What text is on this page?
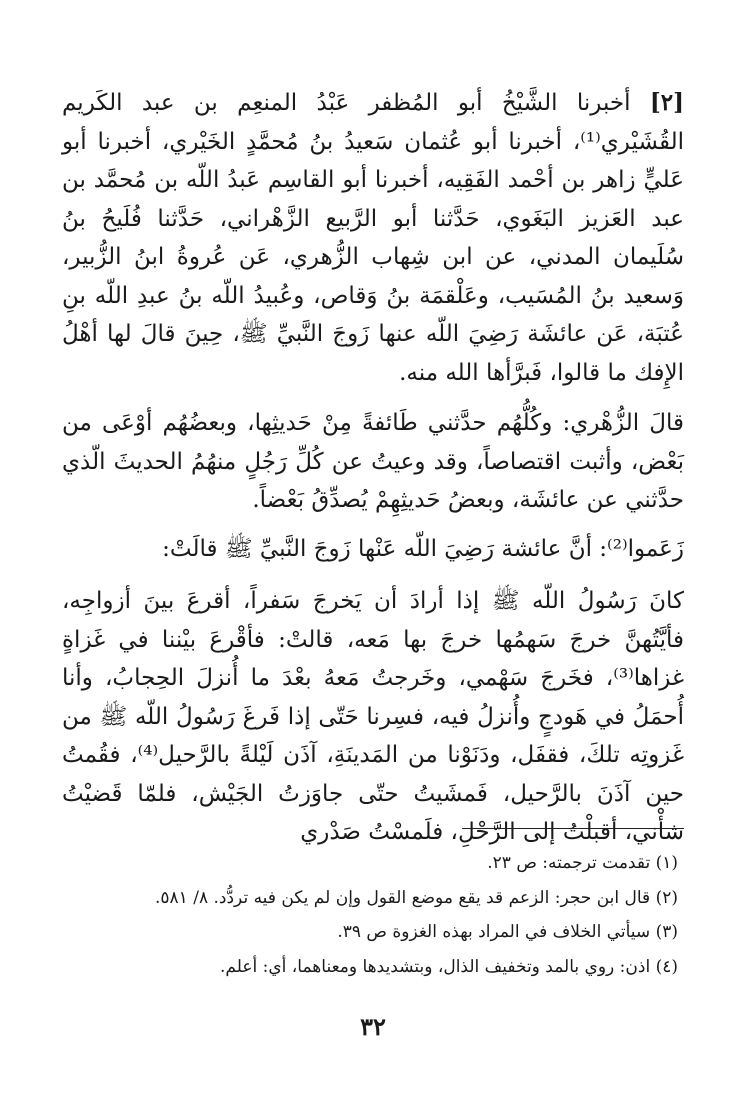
[٢] أخبرنا الشَّيْخُ أبو المُظفر عَبْدُ المنعِم بن عبد الكَريم القُشَيْري⁽¹⁾، أخبرنا أبو عُثمان سَعيدُ بنُ مُحمَّدٍ الخَيْري، أخبرنا أبو عَليٍّ زاهر بن أحْمد الفَقِيه، أخبرنا أبو القاسِم عَبدُ اللّه بن مُحمَّد بن عبد العَزيز البَغَوي، حَدَّثنا أبو الرَّبيع الزَّهْراني، حَدَّثنا فُلَيحُ بنُ سُلَيمان المدني، عن ابن شِهاب الزُّهري، عَن عُروةُ ابنُ الزُّبير، وَسعيد بنُ المُسَيب، وعَلْقمَة بنُ وَقاص، وعُبيدُ اللّه بنُ عبدِ اللّه بنِ عُتبَة، عَن عائشَة رَضِيَ اللّه عنها زَوجَ النَّبيِّ ﷺ، حِينَ قالَ لها أهْلُ الإِفك ما قالوا، فَبرَّأها الله منه.

قالَ الزُّهْري: وكُلُّهُم حدَّثني طَائفةً مِنْ حَديثِها، وبعضُهُم أوْعَى من بَعْض، وأثبت اقتصاصاً، وقد وعيتُ عن كُلِّ رَجُلٍ منهُمُ الحديثَ الّذي حدَّثني عن عائشَة، وبعضُ حَديثِهِمْ يُصدِّقُ بَعْضاً.

زَعَموا⁽²⁾: أنَّ عائشة رَضِيَ اللّه عَنْها زَوجَ النَّبيِّ ﷺ قالَتْ:

كانَ رَسُولُ اللّه ﷺ إذا أرادَ أن يَخرجَ سَفراً، أقرعَ بينَ أزواجِه، فأيَّتُهنَّ خرجَ سَهمُها خرجَ بها مَعه، قالتْ: فأقْرعَ بيْننا في غَزاةٍ غزاها⁽³⁾، فخَرجَ سَهْمي، وخَرجتُ مَعهُ بعْدَ ما أُنزلَ الحِجابُ، وأنا أُحمَلُ في هَودجٍ وأُنزلُ فيه، فسِرنا حَتّى إذا فَرغَ رَسُولُ اللّه ﷺ من غَزوتِه تلكَ، فقفَل، ودَنَوْنا من المَدينَةِ، آذَن لَيْلةً بالرَّحيل⁽⁴⁾، فقُمتُ حين آذَنَ بالرَّحيل، فَمشَيتُ حتّى جاوَزتُ الجَيْش، فلمّا قَضيْتُ شأْني، أقبلْتُ إلى الرَّحْلِ، فلَمسْتُ صَدْري

(١) تقدمت ترجمته: ص ٢٣.

(٢) قال ابن حجر: الزعم قد يقع موضع القول وإن لم يكن فيه تردُّد. ٨/ ٥٨١.

(٣) سيأتي الخلاف في المراد بهذه الغزوة ص ٣٩.

(٤) اذن: روي بالمد وتخفيف الذال، وبتشديدها ومعناهما، أي: أعلم.

٣٢
